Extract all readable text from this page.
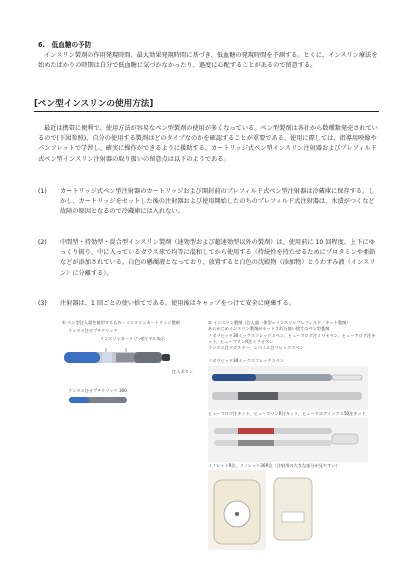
6.　低血糖の予防

インスリン製剤の作用発現時間、最大効果発現時間に基づき、低血糖の発現時間を予測する。とくに、インスリン療法を始めたばかりの時期は自分で低血糖に気づかなかったり、過度に心配することがあるので留意する。

[ペン型インスリンの使用方法]

最近は携帯に便利で、使用方法が容易なペン型製剤の使用が多くなっている。ペン型製剤は各社から数種類発売されているので(下図参照)、自分の使用する製剤はどのタイプなのかを確認することが重要である。使用に際しては、指導用映像やパンフレットで学習し、確実に操作ができるように援助する。カートリッジ式ペン型インスリン注射器およびプレフィルド式ペン型インスリン注射器の取り扱いの留意点は以下のようである。

(1) カートリッジ式ペン型注射器のカートリッジおよび開封前のプレフィルド式ペン型注射器は冷蔵庫に保存する。しかし、カートリッジをセットした後の注射器および使用開始したのちのプレフィルド式注射器は、氷漬がつくなど故障の原因となるので冷蔵庫には入れない。
(2) 中間型・持効型・混合型インスリン製剤（速効型および超速効型以外の製剤）は、使用前に 10 回程度、上下にゆっくり振り、中に入っているガラス球で均等に混和してから使用する（持続性を持たせるためにプロタミンや亜鉛などが添加されている。白色の懸濁液となっており、放置すると白色の沈殿物（添加物）とうわずみ液（インスリン）に分離する）。
(3) 注射器は、1 回ごとの使い捨てである。使用後はキャップをつけて安全に廃棄する。
① ペン型注入器を使用するもの・インスリンカートリッジ製剤
ランタス注オプチクリック
インスリンカートリッジ
ダイヤル表示
注入ボタン
ランタス注オプチクリック 300
② インスリン製剤（注入器一体型＝インスリンプレフィルド／キット製剤）
あらかじめインスリン製剤がセットされた使い捨てのペン型製剤
ノボラピッド30ミックスフレックスペン、ヒューマログ注ミリオペン、ヒューマログ注キット、ヒューマリンR注ミリオペン
ランタス注ソロスター、レベミル注フレックスペン
ノボラピッド30ミックスフレックスペン
ヒューマログ注キット、ヒューマリンR注キット、ヒューマログミックス50注キット
イノレットR注、イノレット30R注（注射用の大きな部分が見やすい）
